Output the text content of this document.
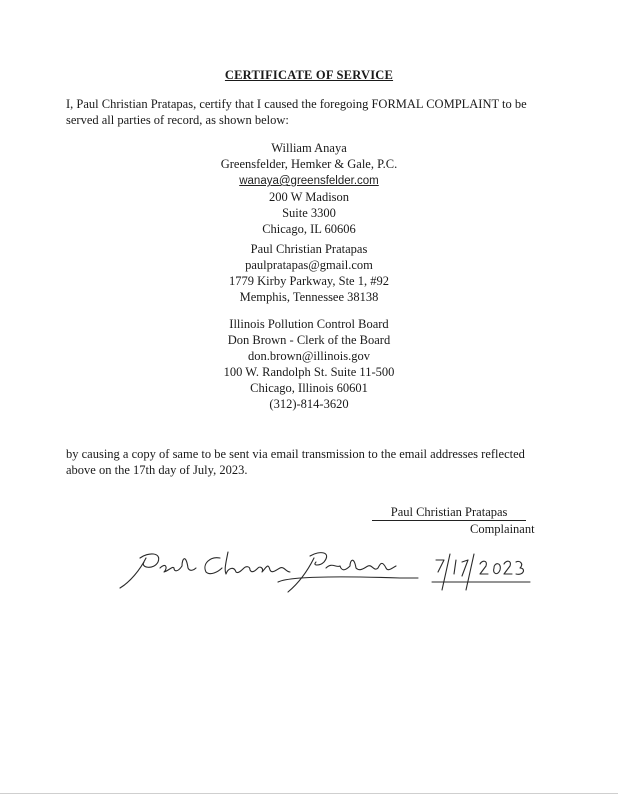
CERTIFICATE OF SERVICE
I, Paul Christian Pratapas, certify that I caused the foregoing FORMAL COMPLAINT to be served all parties of record, as shown below:
William Anaya
Greensfelder, Hemker & Gale, P.C.
wanaya@greensfelder.com
200 W Madison
Suite 3300
Chicago, IL 60606
Paul Christian Pratapas
paulpratapas@gmail.com
1779 Kirby Parkway, Ste 1, #92
Memphis, Tennessee 38138
Illinois Pollution Control Board
Don Brown - Clerk of the Board
don.brown@illinois.gov
100 W. Randolph St. Suite 11-500
Chicago, Illinois 60601
(312)-814-3620
by causing a copy of same to be sent via email transmission to the email addresses reflected above on the 17th day of July, 2023.
Paul Christian Pratapas
Complainant
